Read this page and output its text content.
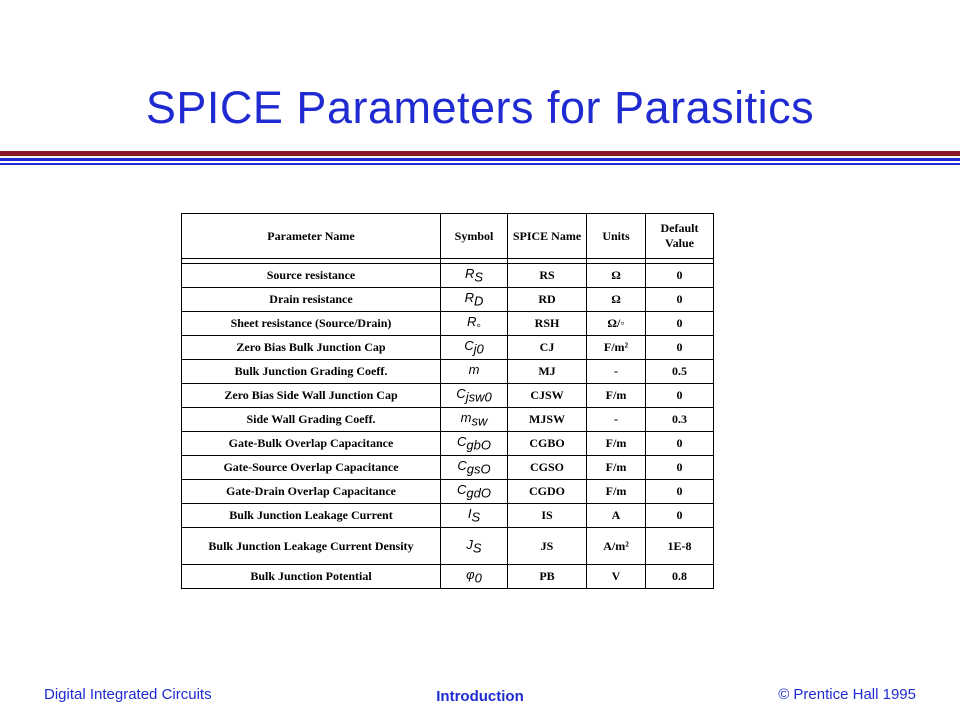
SPICE Parameters for Parasitics
Parameter Name	Symbol	SPICE Name	Units	Default Value

Source resistance	$R_S$	RS	Ω	0
Drain resistance	$R_D$	RD	Ω	0
Sheet resistance (Source/Drain)	$R_◦$	RSH	Ω/◦	0
Zero Bias Bulk Junction Cap	$C_{j0}$	CJ	F/m²	0
Bulk Junction Grading Coeff.	m	MJ	-	0.5
Zero Bias Side Wall Junction Cap	$C_{jsw0}$	CJSW	F/m	0
Side Wall Grading Coeff.	$m_{sw}$	MJSW	-	0.3
Gate-Bulk Overlap Capacitance	$C_{gbO}$	CGBO	F/m	0
Gate-Source Overlap Capacitance	$C_{gsO}$	CGSO	F/m	0
Gate-Drain Overlap Capacitance	$C_{gdO}$	CGDO	F/m	0
Bulk Junction Leakage Current	$I_S$	IS	A	0
Bulk Junction Leakage Current Density	$J_S$	JS	A/m²	1E-8
Bulk Junction Potential	$\varphi_0$	PB	V	0.8
Digital Integrated Circuits	Introduction	© Prentice Hall 1995
